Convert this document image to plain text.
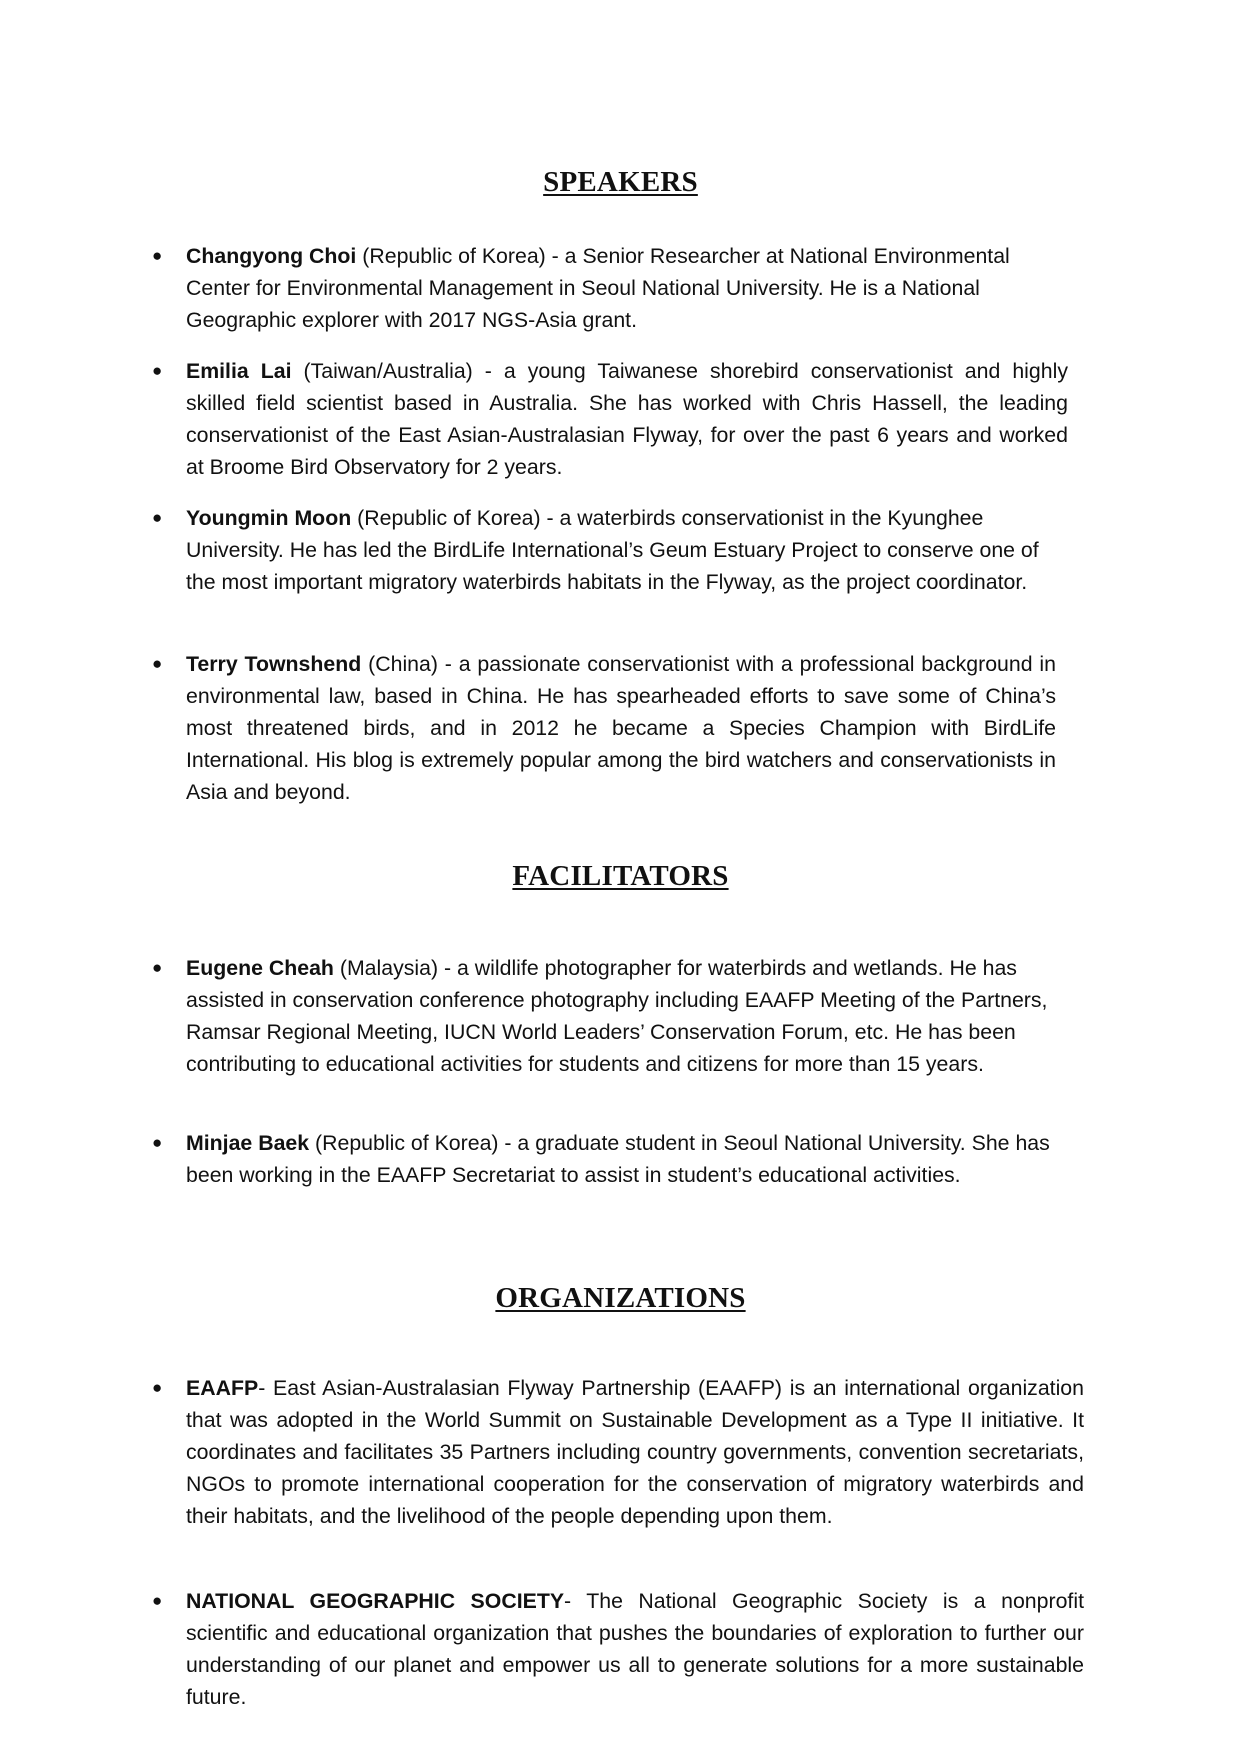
SPEAKERS
● Changyong Choi (Republic of Korea) - a Senior Researcher at National Environmental Center for Environmental Management in Seoul National University. He is a National Geographic explorer with 2017 NGS-Asia grant.

● Emilia Lai (Taiwan/Australia) - a young Taiwanese shorebird conservationist and highly skilled field scientist based in Australia. She has worked with Chris Hassell, the leading conservationist of the East Asian-Australasian Flyway, for over the past 6 years and worked at Broome Bird Observatory for 2 years.

● Youngmin Moon (Republic of Korea) - a waterbirds conservationist in the Kyunghee University. He has led the BirdLife International’s Geum Estuary Project to conserve one of the most important migratory waterbirds habitats in the Flyway, as the project coordinator.

● Terry Townshend (China) - a passionate conservationist with a professional background in environmental law, based in China. He has spearheaded efforts to save some of China’s most threatened birds, and in 2012 he became a Species Champion with BirdLife International. His blog is extremely popular among the bird watchers and conservationists in Asia and beyond.

FACILITATORS
● Eugene Cheah (Malaysia) - a wildlife photographer for waterbirds and wetlands. He has assisted in conservation conference photography including EAAFP Meeting of the Partners, Ramsar Regional Meeting, IUCN World Leaders’ Conservation Forum, etc. He has been contributing to educational activities for students and citizens for more than 15 years.

● Minjae Baek (Republic of Korea) - a graduate student in Seoul National University. She has been working in the EAAFP Secretariat to assist in student’s educational activities.

ORGANIZATIONS
● EAAFP- East Asian-Australasian Flyway Partnership (EAAFP) is an international organization that was adopted in the World Summit on Sustainable Development as a Type II initiative. It coordinates and facilitates 35 Partners including country governments, convention secretariats, NGOs to promote international cooperation for the conservation of migratory waterbirds and their habitats, and the livelihood of the people depending upon them.

● NATIONAL GEOGRAPHIC SOCIETY- The National Geographic Society is a nonprofit scientific and educational organization that pushes the boundaries of exploration to further our understanding of our planet and empower us all to generate solutions for a more sustainable future.
